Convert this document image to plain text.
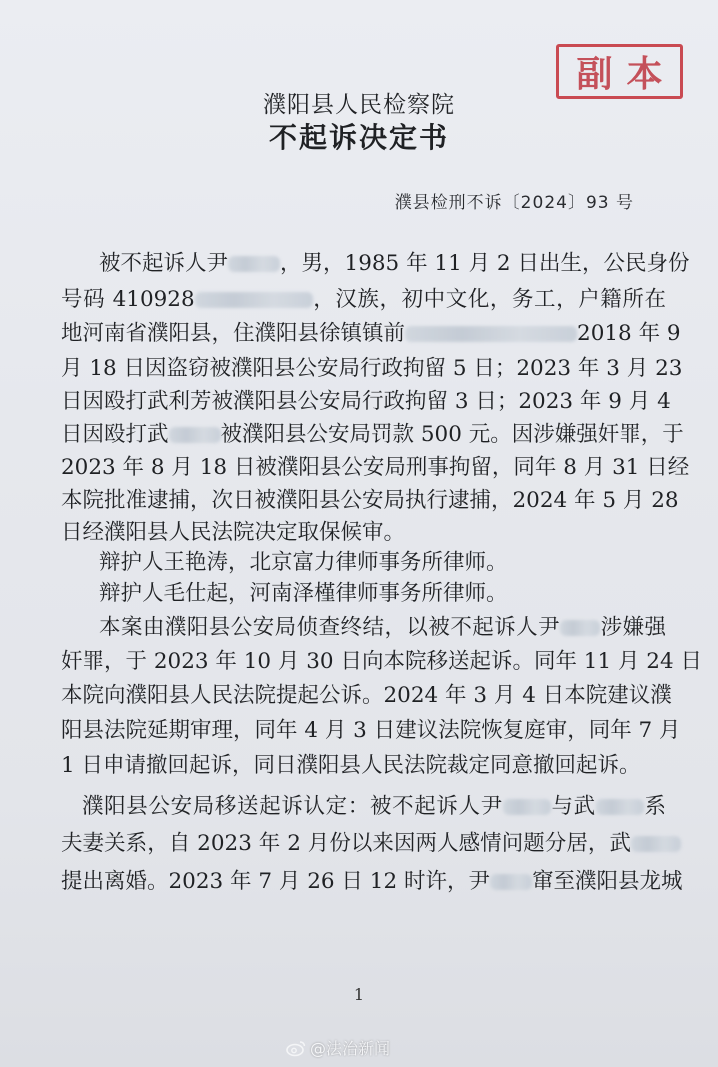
副本
濮阳县人民检察院
不起诉决定书
濮县检刑不诉〔2024〕93 号
被不起诉人尹 ，男，1985 年 11 月 2 日出生，公民身份
号码 410928	，汉族，初中文化，务工，户籍所在
地河南省濮阳县，住濮阳县徐镇镇前	2018 年 9
月 18 日因盗窃被濮阳县公安局行政拘留 5 日；2023 年 3 月 23
日因殴打武利芳被濮阳县公安局行政拘留 3 日；2023 年 9 月 4
日因殴打武 被濮阳县公安局罚款 500 元。因涉嫌强奸罪，于
2023 年 8 月 18 日被濮阳县公安局刑事拘留，同年 8 月 31 日经
本院批准逮捕，次日被濮阳县公安局执行逮捕，2024 年 5 月 28
日经濮阳县人民法院决定取保候审。
辩护人王艳涛，北京富力律师事务所律师。
辩护人毛仕起，河南泽槿律师事务所律师。
本案由濮阳县公安局侦查终结，以被不起诉人尹 涉嫌强
奸罪，于 2023 年 10 月 30 日向本院移送起诉。同年 11 月 24 日
本院向濮阳县人民法院提起公诉。2024 年 3 月 4 日本院建议濮
阳县法院延期审理，同年 4 月 3 日建议法院恢复庭审，同年 7 月
1 日申请撤回起诉，同日濮阳县人民法院裁定同意撤回起诉。
濮阳县公安局移送起诉认定：被不起诉人尹 与武 系
夫妻关系，自 2023 年 2 月份以来因两人感情问题分居，武
提出离婚。2023 年 7 月 26 日 12 时许，尹 窜至濮阳县龙城
1
@法治新闻
